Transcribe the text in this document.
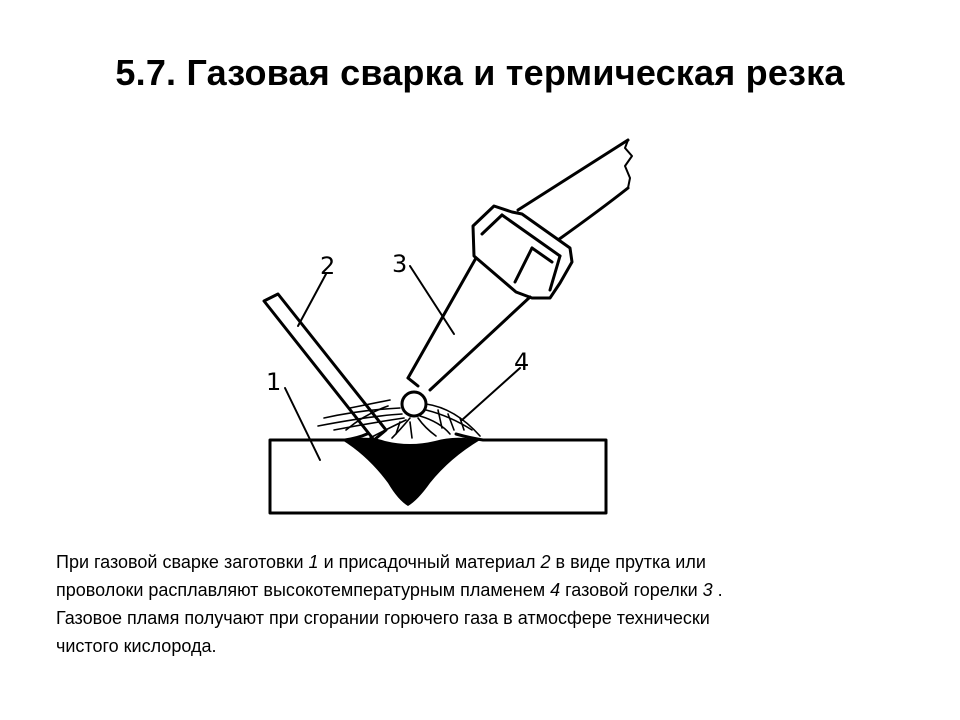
5.7. Газовая сварка и термическая резка
1
2 3
4

При газовой сварке заготовки 1 и присадочный материал 2 в виде прутка или

проволоки расплавляют высокотемпературным пламенем 4 газовой горелки 3 .

Газовое пламя получают при сгорании горючего газа в атмосфере технически

чистого кислорода.
